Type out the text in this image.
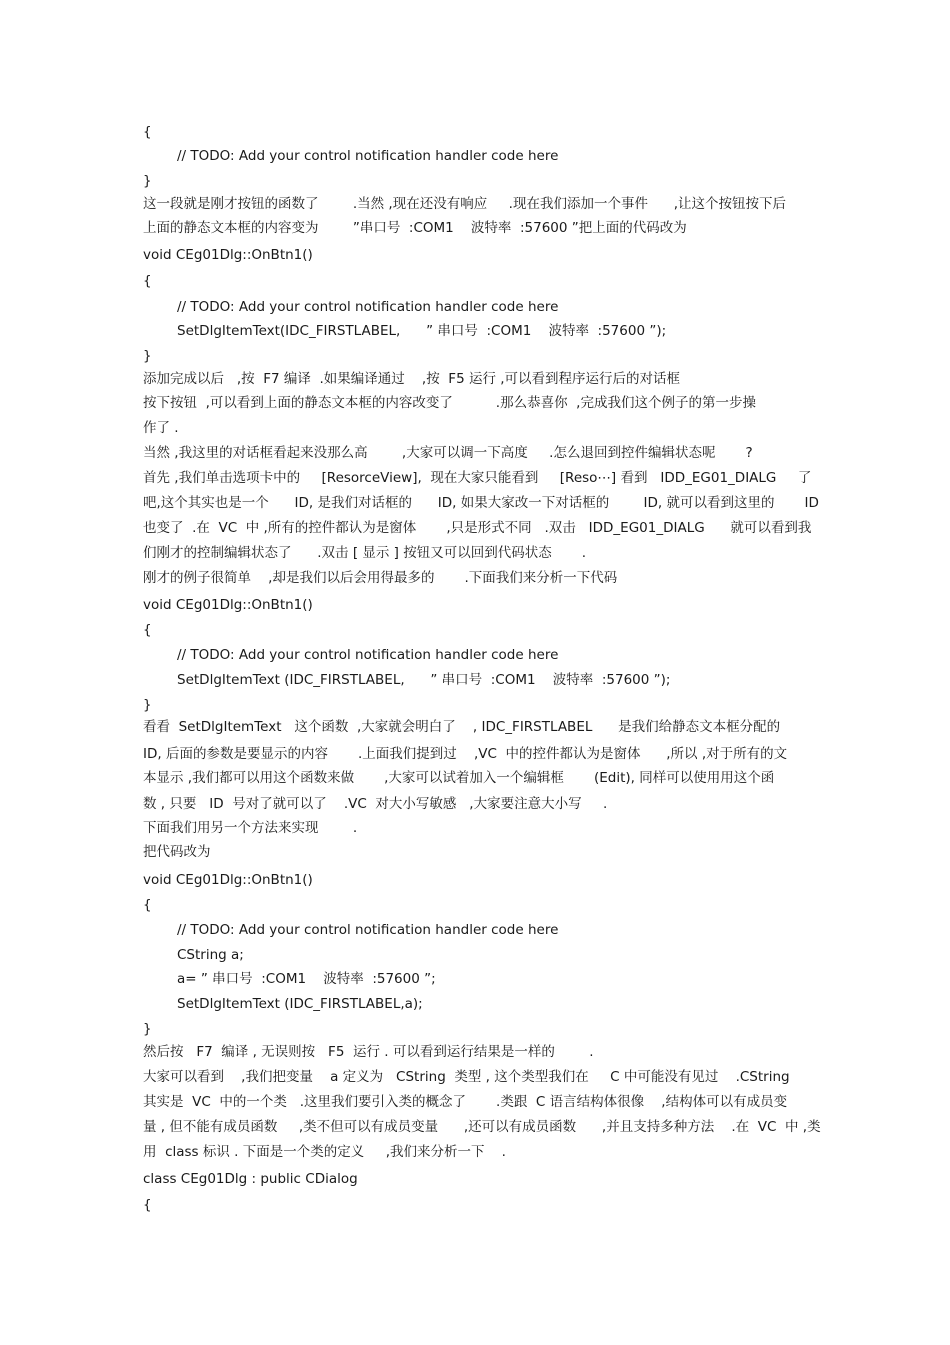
{
// TODO: Add your control notification handler code here
}
这一段就是刚才按钮的函数了        .当然 ,现在还没有响应     .现在我们添加一个事件      ,让这个按钮按下后
上面的静态文本框的内容变为        ”串口号  :COM1    波特率  :57600 ”把上面的代码改为
void CEg01Dlg::OnBtn1()
{
// TODO: Add your control notification handler code here
SetDlgItemText(IDC_FIRSTLABEL,      ” 串口号  :COM1    波特率  :57600 ”);
}
添加完成以后   ,按  F7 编译  .如果编译通过    ,按  F5 运行 ,可以看到程序运行后的对话框
按下按钮  ,可以看到上面的静态文本框的内容改变了          .那么恭喜你  ,完成我们这个例子的第一步操
作了 .
当然 ,我这里的对话框看起来没那么高        ,大家可以调一下高度     .怎么退回到控件编辑状态呢       ?
首先 ,我们单击选项卡中的     [ResorceView],  现在大家只能看到     [Reso⋯] 看到   IDD_EG01_DIALG     了
吧,这个其实也是一个      ID, 是我们对话框的      ID, 如果大家改一下对话框的        ID, 就可以看到这里的       ID
也变了  .在  VC  中 ,所有的控件都认为是窗体       ,只是形式不同   .双击   IDD_EG01_DIALG      就可以看到我
们刚才的控制编辑状态了      .双击 [ 显示 ] 按钮又可以回到代码状态       .
刚才的例子很简单    ,却是我们以后会用得最多的       .下面我们来分析一下代码
void CEg01Dlg::OnBtn1()
{
// TODO: Add your control notification handler code here
SetDlgItemText (IDC_FIRSTLABEL,      ” 串口号  :COM1    波特率  :57600 ”);
}
看看  SetDlgItemText   这个函数  ,大家就会明白了    , IDC_FIRSTLABEL      是我们给静态文本框分配的
ID, 后面的参数是要显示的内容       .上面我们提到过    ,VC  中的控件都认为是窗体      ,所以 ,对于所有的文
本显示 ,我们都可以用这个函数来做       ,大家可以试着加入一个编辑框       (Edit), 同样可以使用用这个函
数 , 只要   ID  号对了就可以了    .VC  对大小写敏感   ,大家要注意大小写     .
下面我们用另一个方法来实现        .
把代码改为
void CEg01Dlg::OnBtn1()
{
// TODO: Add your control notification handler code here
CString a;
a= ” 串口号  :COM1    波特率  :57600 ”;
SetDlgItemText (IDC_FIRSTLABEL,a);
}
然后按   F7  编译 , 无误则按   F5  运行 . 可以看到运行结果是一样的        .
大家可以看到    ,我们把变量    a 定义为   CString  类型 , 这个类型我们在     C 中可能没有见过    .CString
其实是  VC  中的一个类   .这里我们要引入类的概念了       .类跟  C 语言结构体很像    ,结构体可以有成员变
量 , 但不能有成员函数     ,类不但可以有成员变量      ,还可以有成员函数      ,并且支持多种方法    .在  VC  中 ,类
用  class 标识 . 下面是一个类的定义     ,我们来分析一下    .
class CEg01Dlg : public CDialog
{
